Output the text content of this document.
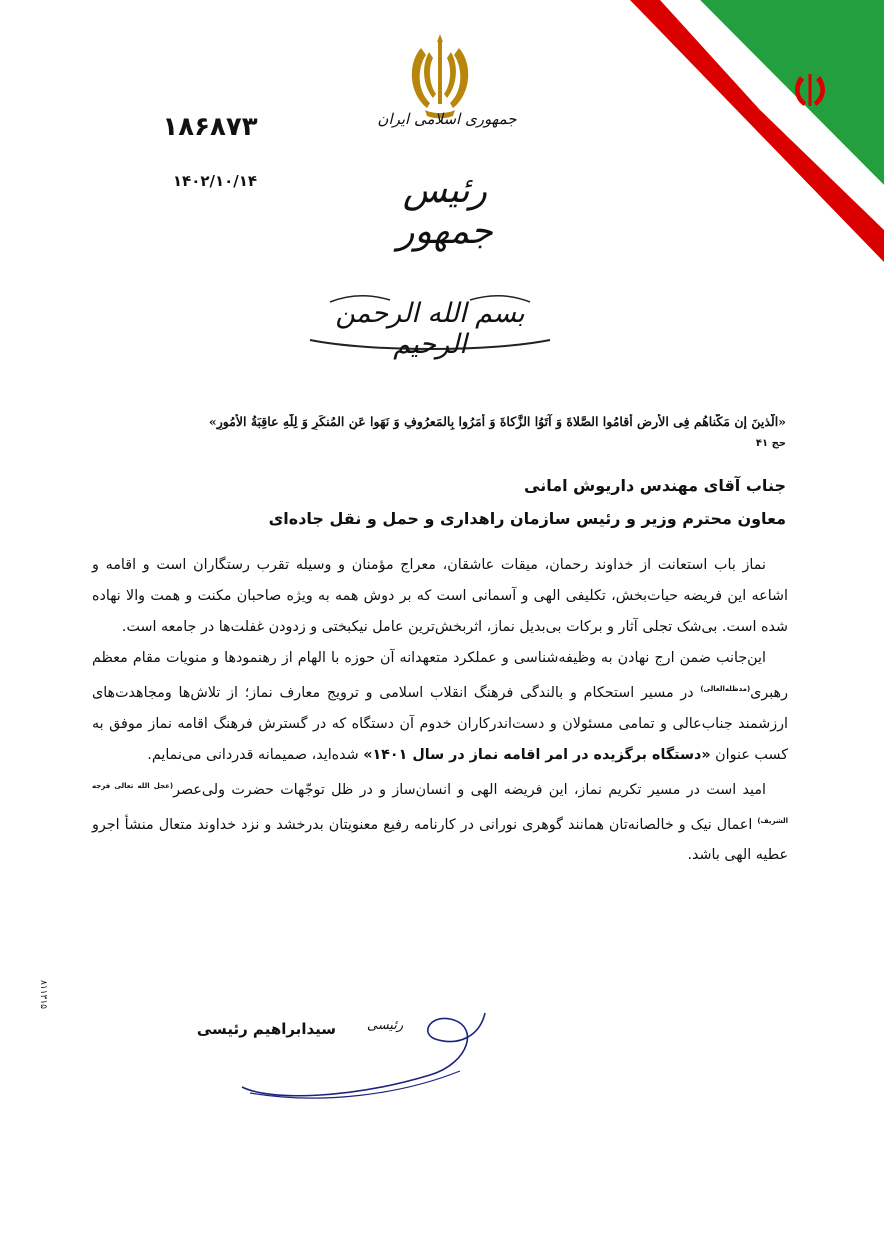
جمهوری اسلامی ایران
رئیس جمهور
۱۸۶۸۷۳
۱۴۰۲/۱۰/۱۴
بسم الله الرحمن الرحیم
«الَّذینَ إن مَکَّناهُم فِی الأرضِ أقامُوا الصَّلاةَ وَ آتَوُا الزَّکاةَ وَ أمَرُوا بِالمَعرُوفِ وَ نَهَوا عَنِ المُنکَرِ وَ لِلّهِ عاقِبَةُ الأُمُورِ»
حج ۴۱
جناب آقای مهندس داریوش امانی
معاون محترم وزیر و رئیس سازمان راهداری و حمل و نقل جاده‌ای

نماز باب استعانت از خداوند رحمان، میقات عاشقان، معراج مؤمنان و وسیله تقرب رستگاران است و اقامه و اشاعه این فریضه حیات‌بخش، تکلیفی الهی و آسمانی است که بر دوش همه به ویژه صاحبان مکنت و همت والا نهاده شده است. بی‌شک تجلی آثار و برکات بی‌بدیل نماز، اثربخش‌ترین عامل نیکبختی و زدودن غفلت‌ها در جامعه است.

این‌جانب ضمن ارج نهادن به وظیفه‌شناسی و عملکرد متعهدانه آن حوزه با الهام از رهنمودها و منویات مقام معظم رهبری$^{(مدظله‌العالی)}$ در مسیر استحکام و بالندگی فرهنگ انقلاب اسلامی و ترویج معارف نماز؛ از تلاش‌ها ومجاهدت‌های ارزشمند جناب‌عالی و تمامی مسئولان و دست‌اندرکاران خدوم آن دستگاه که در گسترش فرهنگ اقامه نماز موفق به کسب عنوان «دستگاه برگزیده در امر اقامه نماز در سال ۱۴۰۱» شده‌اید، صمیمانه قدردانی می‌نمایم.

امید است در مسیر تکریم نماز، این فریضه الهی و انسان‌ساز و در ظل توجّهات حضرت ولی‌عصر$^{(عجل الله تعالی فرجه الشریف)}$ اعمال نیک و خالصانه‌تان همانند گوهری نورانی در کارنامه رفیع معنویتان بدرخشد و نزد خداوند متعال منشأ اجرو عطیه الهی باشد.

رئیسی
سیدابراهیم رئیسی
۸۱۱۳۱۵
